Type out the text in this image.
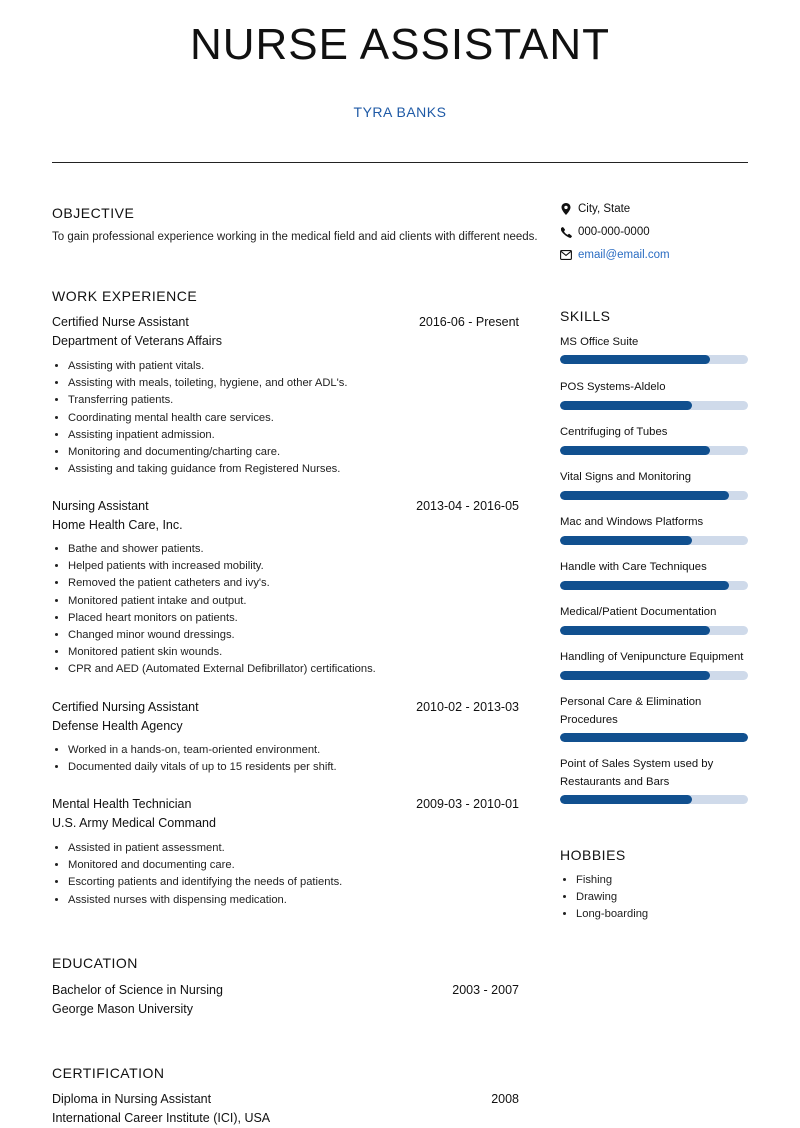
NURSE ASSISTANT
TYRA BANKS
OBJECTIVE
To gain professional experience working in the medical field and aid clients with different needs.
WORK EXPERIENCE
Certified Nurse Assistant	2016-06 - Present
Department of Veterans Affairs
• Assisting with patient vitals.
• Assisting with meals, toileting, hygiene, and other ADL's.
• Transferring patients.
• Coordinating mental health care services.
• Assisting inpatient admission.
• Monitoring and documenting/charting care.
• Assisting and taking guidance from Registered Nurses.
Nursing Assistant	2013-04 - 2016-05
Home Health Care, Inc.
• Bathe and shower patients.
• Helped patients with increased mobility.
• Removed the patient catheters and ivy's.
• Monitored patient intake and output.
• Placed heart monitors on patients.
• Changed minor wound dressings.
• Monitored patient skin wounds.
• CPR and AED (Automated External Defibrillator) certifications.
Certified Nursing Assistant	2010-02 - 2013-03
Defense Health Agency
• Worked in a hands-on, team-oriented environment.
• Documented daily vitals of up to 15 residents per shift.
Mental Health Technician	2009-03 - 2010-01
U.S. Army Medical Command
• Assisted in patient assessment.
• Monitored and documenting care.
• Escorting patients and identifying the needs of patients.
• Assisted nurses with dispensing medication.
EDUCATION
Bachelor of Science in Nursing	2003 - 2007
George Mason University
CERTIFICATION
Diploma in Nursing Assistant	2008
International Career Institute (ICI), USA
City, State
000-000-0000
email@email.com
SKILLS
MS Office Suite
POS Systems-Aldelo
Centrifuging of Tubes
Vital Signs and Monitoring
Mac and Windows Platforms
Handle with Care Techniques
Medical/Patient Documentation
Handling of Venipuncture Equipment
Personal Care & Elimination Procedures
Point of Sales System used by Restaurants and Bars
HOBBIES
• Fishing
• Drawing
• Long-boarding
